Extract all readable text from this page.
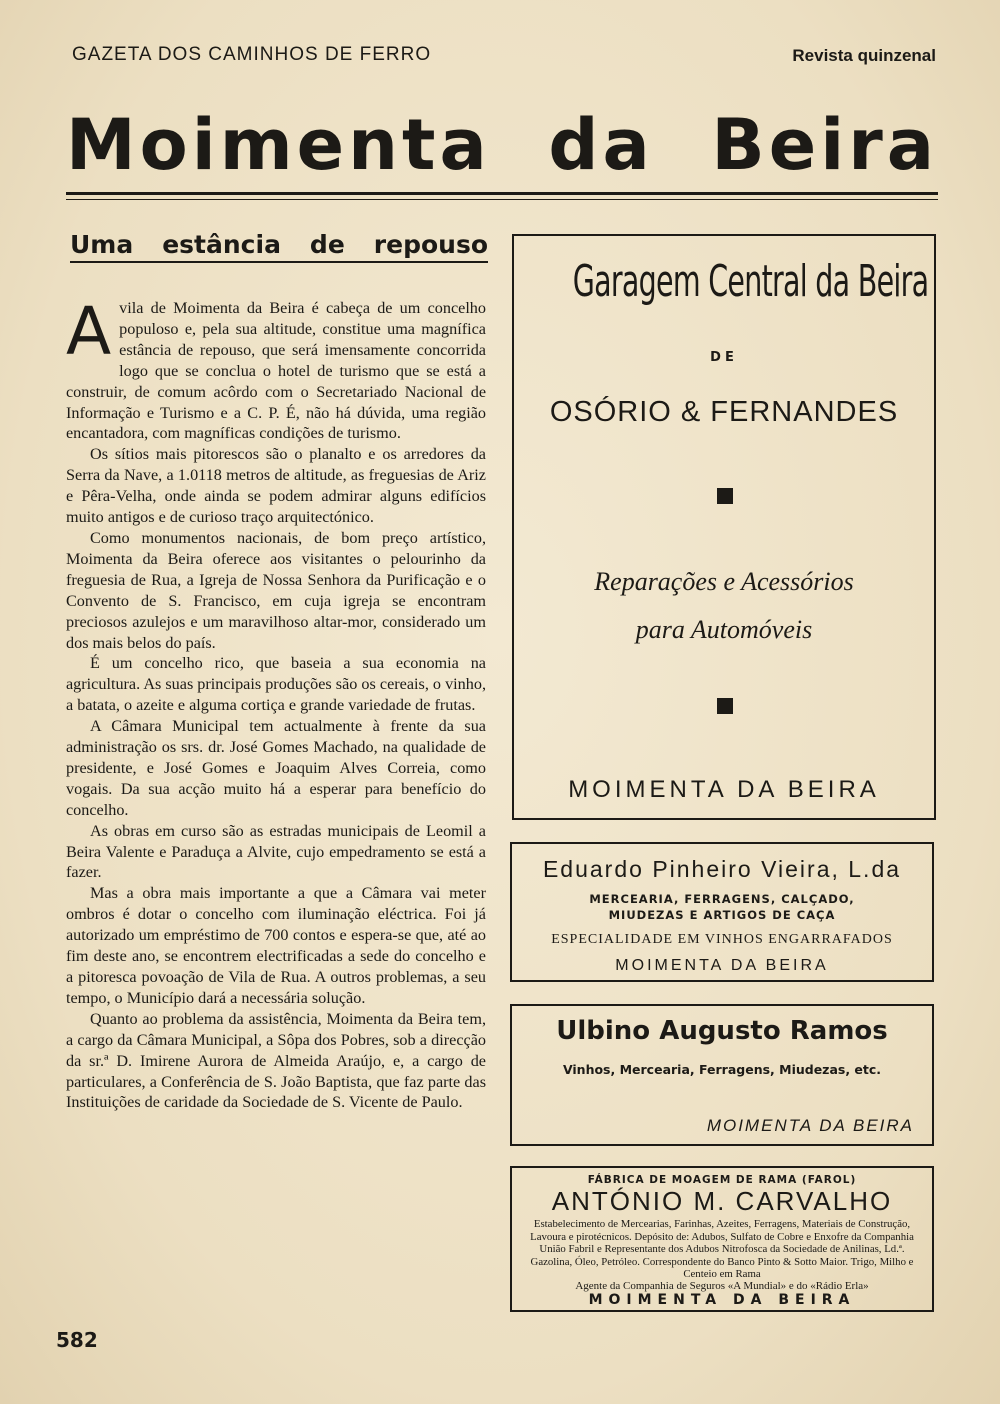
GAZETA DOS CAMINHOS DE FERRO	Revista quinzenal
Moimenta da Beira
Uma estância de repouso

Avila de Moimenta da Beira é cabeça de um concelho populoso e, pela sua altitude, constitue uma magnífica estância de repouso, que será imensamente concorrida logo que se conclua o hotel de turismo que se está a construir, de comum acôrdo com o Secretariado Nacional de Informação e Turismo e a C. P. É, não há dúvida, uma região encantadora, com magníficas condições de turismo.

Os sítios mais pitorescos são o planalto e os arredores da Serra da Nave, a 1.0118 metros de altitude, as freguesias de Ariz e Pêra-Velha, onde ainda se podem admirar alguns edifícios muito antigos e de curioso traço arquitectónico.

Como monumentos nacionais, de bom preço artístico, Moimenta da Beira oferece aos visitantes o pelourinho da freguesia de Rua, a Igreja de Nossa Senhora da Purificação e o Convento de S. Francisco, em cuja igreja se encontram preciosos azulejos e um maravilhoso altar-mor, considerado um dos mais belos do país.

É um concelho rico, que baseia a sua economia na agricultura. As suas principais produções são os cereais, o vinho, a batata, o azeite e alguma cortiça e grande variedade de frutas.

A Câmara Municipal tem actualmente à frente da sua administração os srs. dr. José Gomes Machado, na qualidade de presidente, e José Gomes e Joaquim Alves Correia, como vogais. Da sua acção muito há a esperar para benefício do concelho.

As obras em curso são as estradas municipais de Leomil a Beira Valente e Paraduça a Alvite, cujo empedramento se está a fazer.

Mas a obra mais importante a que a Câmara vai meter ombros é dotar o concelho com iluminação eléctrica. Foi já autorizado um empréstimo de 700 contos e espera-se que, até ao fim deste ano, se encontrem electrificadas a sede do concelho e a pitoresca povoação de Vila de Rua. A outros problemas, a seu tempo, o Município dará a necessária solução.

Quanto ao problema da assistência, Moimenta da Beira tem, a cargo da Câmara Municipal, a Sôpa dos Pobres, sob a direcção da sr.ª D. Imirene Aurora de Almeida Araújo, e, a cargo de particulares, a Conferência de S. João Baptista, que faz parte das Instituições de caridade da Sociedade de S. Vicente de Paulo.

582
Garagem Central da Beira
DE
OSÓRIO & FERNANDES
Reparações e Acessórios
para Automóveis
MOIMENTA DA BEIRA
Eduardo Pinheiro Vieira, L.da
MERCEARIA, FERRAGENS, CALÇADO,
MIUDEZAS E ARTIGOS DE CAÇA
ESPECIALIDADE EM VINHOS ENGARRAFADOS
MOIMENTA DA BEIRA
Ulbino Augusto Ramos
Vinhos, Mercearia, Ferragens, Miudezas, etc.
MOIMENTA DA BEIRA
FÁBRICA DE MOAGEM DE RAMA (FAROL)
ANTÓNIO M. CARVALHO
Estabelecimento de Mercearias, Farinhas, Azeites, Ferragens, Materiais de Construção, Lavoura e pirotécnicos. Depósito de: Adubos, Sulfato de Cobre e Enxofre da Companhia União Fabril e Representante dos Adubos Nitrofosca da Sociedade de Anilinas, Ld.ª. Gazolina, Óleo, Petróleo. Correspondente do Banco Pinto & Sotto Maior. Trigo, Milho e Centeio em Rama
Agente da Companhia de Seguros «A Mundial» e do «Rádio Erla»
MOIMENTA DA BEIRA
